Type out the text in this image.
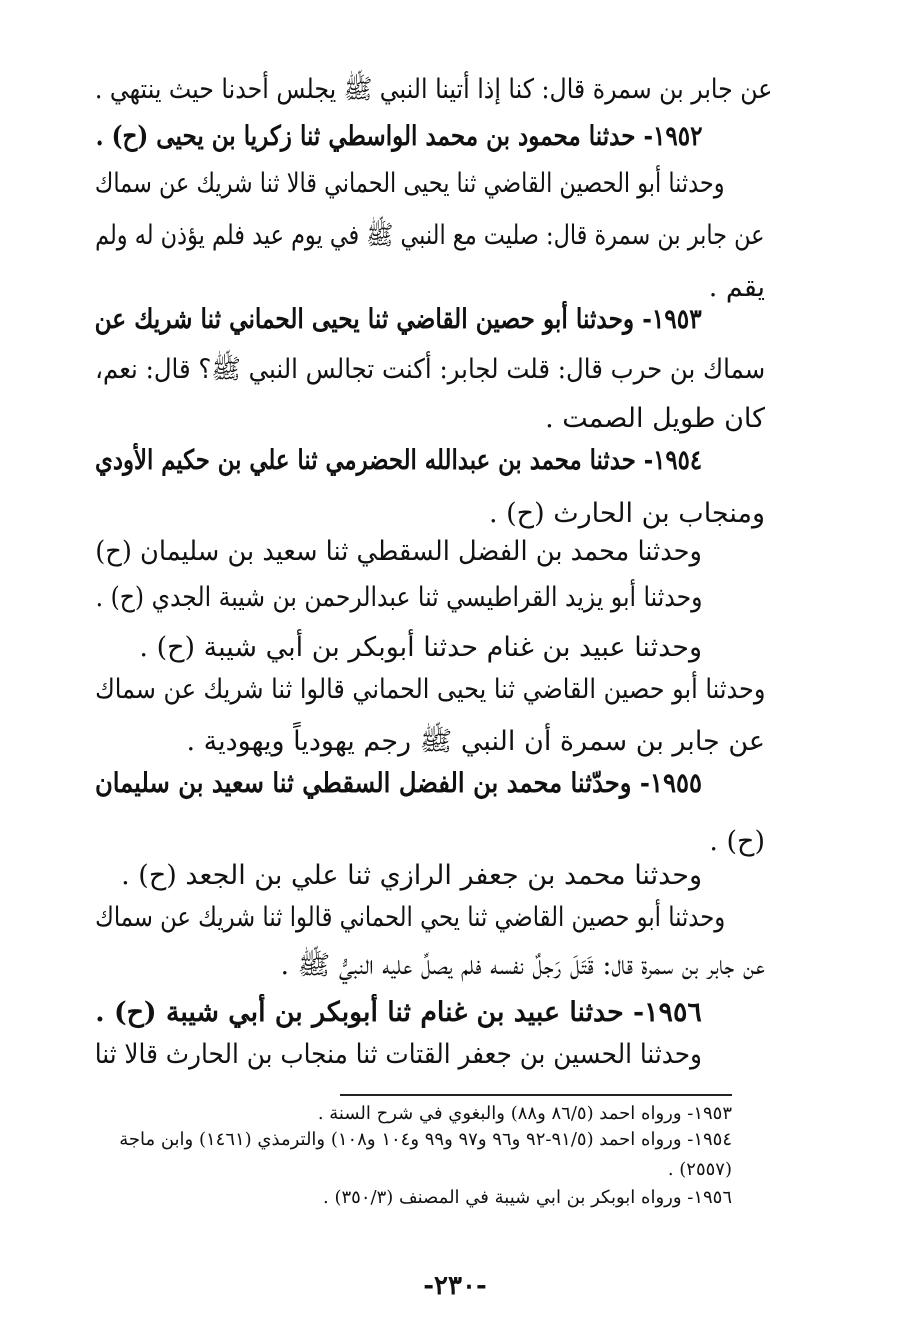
عن جابر بن سمرة قال: كنا إذا أتينا النبي ﷺ يجلس أحدنا حيث ينتهي .
١٩٥٢- حدثنا محمود بن محمد الواسطي ثنا زكريا بن يحيى (ح) .
وحدثنا أبو الحصين القاضي ثنا يحيى الحماني قالا ثنا شريك عن سماك
عن جابر بن سمرة قال: صليت مع النبي ﷺ في يوم عيد فلم يؤذن له ولم
يقم .
١٩٥٣- وحدثنا أبو حصين القاضي ثنا يحيى الحماني ثنا شريك عن
سماك بن حرب قال: قلت لجابر: أكنت تجالس النبي ﷺ؟ قال: نعم،
كان طويل الصمت .
١٩٥٤- حدثنا محمد بن عبدالله الحضرمي ثنا علي بن حكيم الأودي
ومنجاب بن الحارث (ح) .
وحدثنا محمد بن الفضل السقطي ثنا سعيد بن سليمان (ح)
وحدثنا أبو يزيد القراطيسي ثنا عبدالرحمن بن شيبة الجدي (ح) .
وحدثنا عبيد بن غنام حدثنا أبوبكر بن أبي شيبة (ح) .
وحدثنا أبو حصين القاضي ثنا يحيى الحماني قالوا ثنا شريك عن سماك
عن جابر بن سمرة أن النبي ﷺ رجم يهودياً ويهودية .
١٩٥٥- وحدّثنا محمد بن الفضل السقطي ثنا سعيد بن سليمان
(ح) .
وحدثنا محمد بن جعفر الرازي ثنا علي بن الجعد (ح) .
وحدثنا أبو حصين القاضي ثنا يحي الحماني قالوا ثنا شريك عن سماك
عن جابر بن سمرة قال: قَتَلَ رَجلٌ نفسه فلم يصلِّ عليه النبيُّ ﷺ .
١٩٥٦- حدثنا عبيد بن غنام ثنا أبوبكر بن أبي شيبة (ح) .
وحدثنا الحسين بن جعفر القتات ثنا منجاب بن الحارث قالا ثنا
١٩٥٣- ورواه احمد (٨٦/٥ و٨٨) والبغوي في شرح السنة .
١٩٥٤- ورواه احمد (٩١/٥-٩٢ و٩٦ و٩٧ و٩٩ و١٠٤ و١٠٨) والترمذي (١٤٦١) وابن ماجة
(٢٥٥٧) .
١٩٥٦- ورواه ابوبكر بن ابي شيبة في المصنف (٣٥٠/٣) .
-٢٣٠-
